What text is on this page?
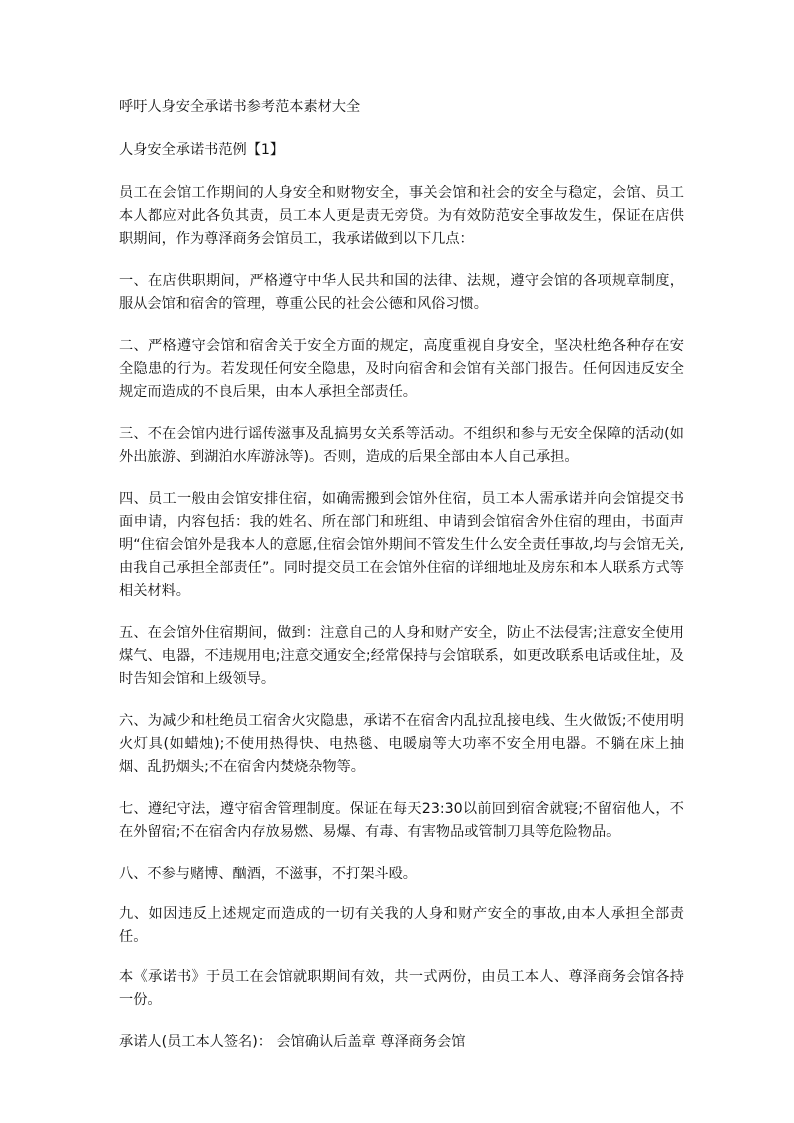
呼吁人身安全承诺书参考范本素材大全

人身安全承诺书范例【1】

员工在会馆工作期间的人身安全和财物安全，事关会馆和社会的安全与稳定，会馆、员工本人都应对此各负其责，员工本人更是责无旁贷。为有效防范安全事故发生，保证在店供职期间，作为尊泽商务会馆员工，我承诺做到以下几点：

一、在店供职期间，严格遵守中华人民共和国的法律、法规，遵守会馆的各项规章制度，服从会馆和宿舍的管理，尊重公民的社会公德和风俗习惯。

二、严格遵守会馆和宿舍关于安全方面的规定，高度重视自身安全，坚决杜绝各种存在安全隐患的行为。若发现任何安全隐患，及时向宿舍和会馆有关部门报告。任何因违反安全规定而造成的不良后果，由本人承担全部责任。

三、不在会馆内进行谣传滋事及乱搞男女关系等活动。不组织和参与无安全保障的活动(如外出旅游、到湖泊水库游泳等)。否则，造成的后果全部由本人自己承担。

四、员工一般由会馆安排住宿，如确需搬到会馆外住宿，员工本人需承诺并向会馆提交书面申请，内容包括：我的姓名、所在部门和班组、申请到会馆宿舍外住宿的理由，书面声明“住宿会馆外是我本人的意愿,住宿会馆外期间不管发生什么安全责任事故,均与会馆无关,由我自己承担全部责任”。同时提交员工在会馆外住宿的详细地址及房东和本人联系方式等相关材料。

五、在会馆外住宿期间，做到：注意自己的人身和财产安全，防止不法侵害;注意安全使用煤气、电器，不违规用电;注意交通安全;经常保持与会馆联系，如更改联系电话或住址，及时告知会馆和上级领导。

六、为减少和杜绝员工宿舍火灾隐患，承诺不在宿舍内乱拉乱接电线、生火做饭;不使用明火灯具(如蜡烛);不使用热得快、电热毯、电暖扇等大功率不安全用电器。不躺在床上抽烟、乱扔烟头;不在宿舍内焚烧杂物等。

七、遵纪守法，遵守宿舍管理制度。保证在每天23:30以前回到宿舍就寝;不留宿他人，不在外留宿;不在宿舍内存放易燃、易爆、有毒、有害物品或管制刀具等危险物品。

八、不参与赌博、酗酒，不滋事，不打架斗殴。

九、如因违反上述规定而造成的一切有关我的人身和财产安全的事故,由本人承担全部责任。

本《承诺书》于员工在会馆就职期间有效，共一式两份，由员工本人、尊泽商务会馆各持一份。

承诺人(员工本人签名)： 会馆确认后盖章 尊泽商务会馆
